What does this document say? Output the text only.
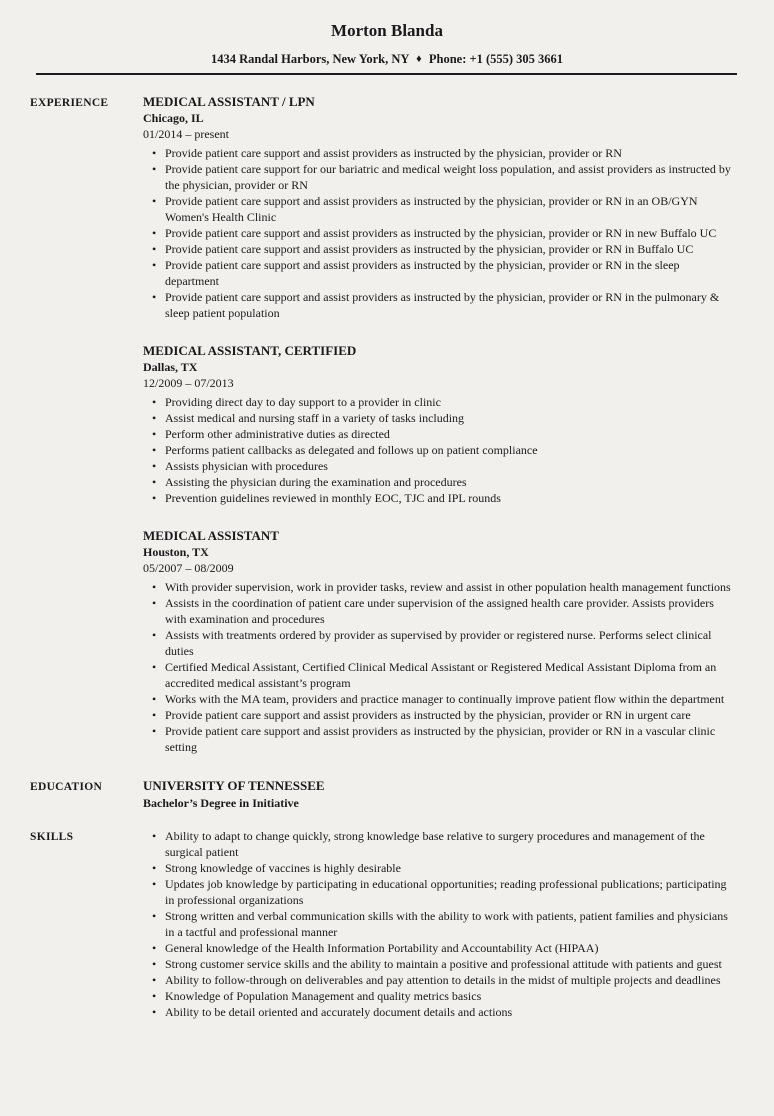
Morton Blanda
1434 Randal Harbors, New York, NY ♦ Phone: +1 (555) 305 3661
EXPERIENCE	MEDICAL ASSISTANT / LPN
Chicago, IL
01/2014 – present
• Provide patient care support and assist providers as instructed by the physician, provider or RN
• Provide patient care support for our bariatric and medical weight loss population, and assist providers as instructed by the physician, provider or RN
• Provide patient care support and assist providers as instructed by the physician, provider or RN in an OB/GYN Women's Health Clinic
• Provide patient care support and assist providers as instructed by the physician, provider or RN in new Buffalo UC
• Provide patient care support and assist providers as instructed by the physician, provider or RN in Buffalo UC
• Provide patient care support and assist providers as instructed by the physician, provider or RN in the sleep department
• Provide patient care support and assist providers as instructed by the physician, provider or RN in the pulmonary & sleep patient population
MEDICAL ASSISTANT, CERTIFIED
Dallas, TX
12/2009 – 07/2013
• Providing direct day to day support to a provider in clinic
• Assist medical and nursing staff in a variety of tasks including
• Perform other administrative duties as directed
• Performs patient callbacks as delegated and follows up on patient compliance
• Assists physician with procedures
• Assisting the physician during the examination and procedures
• Prevention guidelines reviewed in monthly EOC, TJC and IPL rounds
MEDICAL ASSISTANT
Houston, TX
05/2007 – 08/2009
• With provider supervision, work in provider tasks, review and assist in other population health management functions
• Assists in the coordination of patient care under supervision of the assigned health care provider. Assists providers with examination and procedures
• Assists with treatments ordered by provider as supervised by provider or registered nurse. Performs select clinical duties
• Certified Medical Assistant, Certified Clinical Medical Assistant or Registered Medical Assistant Diploma from an accredited medical assistant’s program
• Works with the MA team, providers and practice manager to continually improve patient flow within the department
• Provide patient care support and assist providers as instructed by the physician, provider or RN in urgent care
• Provide patient care support and assist providers as instructed by the physician, provider or RN in a vascular clinic setting
EDUCATION	UNIVERSITY OF TENNESSEE
Bachelor’s Degree in Initiative
SKILLS	• Ability to adapt to change quickly, strong knowledge base relative to surgery procedures and management of the surgical patient
• Strong knowledge of vaccines is highly desirable
• Updates job knowledge by participating in educational opportunities; reading professional publications; participating in professional organizations
• Strong written and verbal communication skills with the ability to work with patients, patient families and physicians in a tactful and professional manner
• General knowledge of the Health Information Portability and Accountability Act (HIPAA)
• Strong customer service skills and the ability to maintain a positive and professional attitude with patients and guest
• Ability to follow-through on deliverables and pay attention to details in the midst of multiple projects and deadlines
• Knowledge of Population Management and quality metrics basics
• Ability to be detail oriented and accurately document details and actions
